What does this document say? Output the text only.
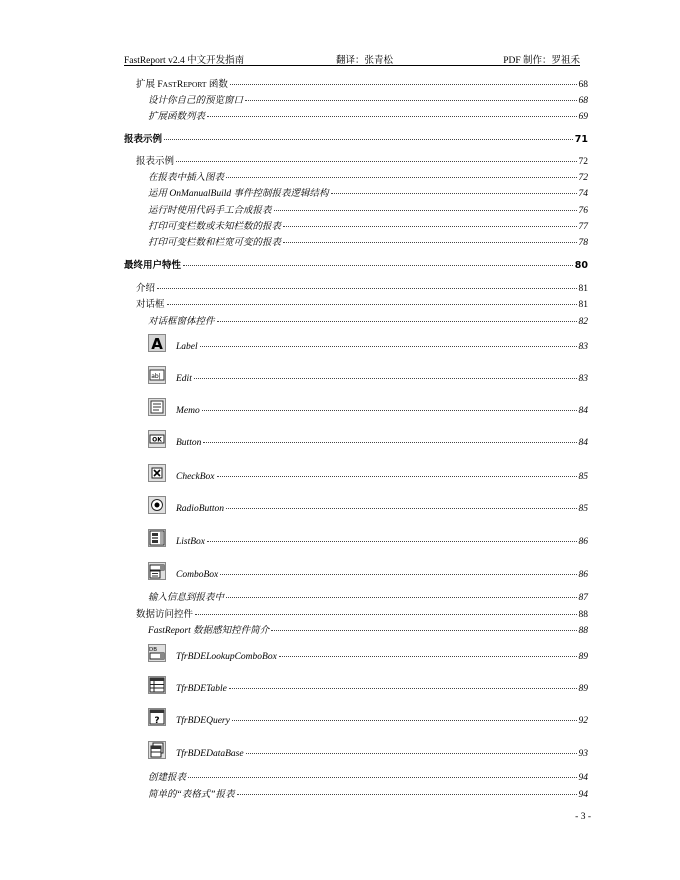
FastReport v2.4 中文开发指南	翻译：张青松	PDF 制作：罗祖禾
扩展 FASTREPORT 函数	68
设计你自己的预览窗口	68
扩展函数列表	69
报表示例	71
报表示例	72
在报表中插入图表	72
运用 OnManualBuild 事件控制报表逻辑结构	74
运行时使用代码手工合成报表	76
打印可变栏数或未知栏数的报表	77
打印可变栏数和栏宽可变的报表	78
最终用户特性	80
介绍	81
对话框	81
对话框窗体控件	82
A Label	83
ab| Edit	83
Memo	84
OK Button	84
CheckBox	85
RadioButton	85
ListBox	86
ComboBox	86
输入信息到报表中	87
数据访问控件	88
FastReport 数据感知控件简介	88
DB
TfrBDELookupComboBox	89
TfrBDETable	89
? TfrBDEQuery	92
TfrBDEDataBase	93
创建报表	94
简单的“表格式”报表	94
- 3 -
